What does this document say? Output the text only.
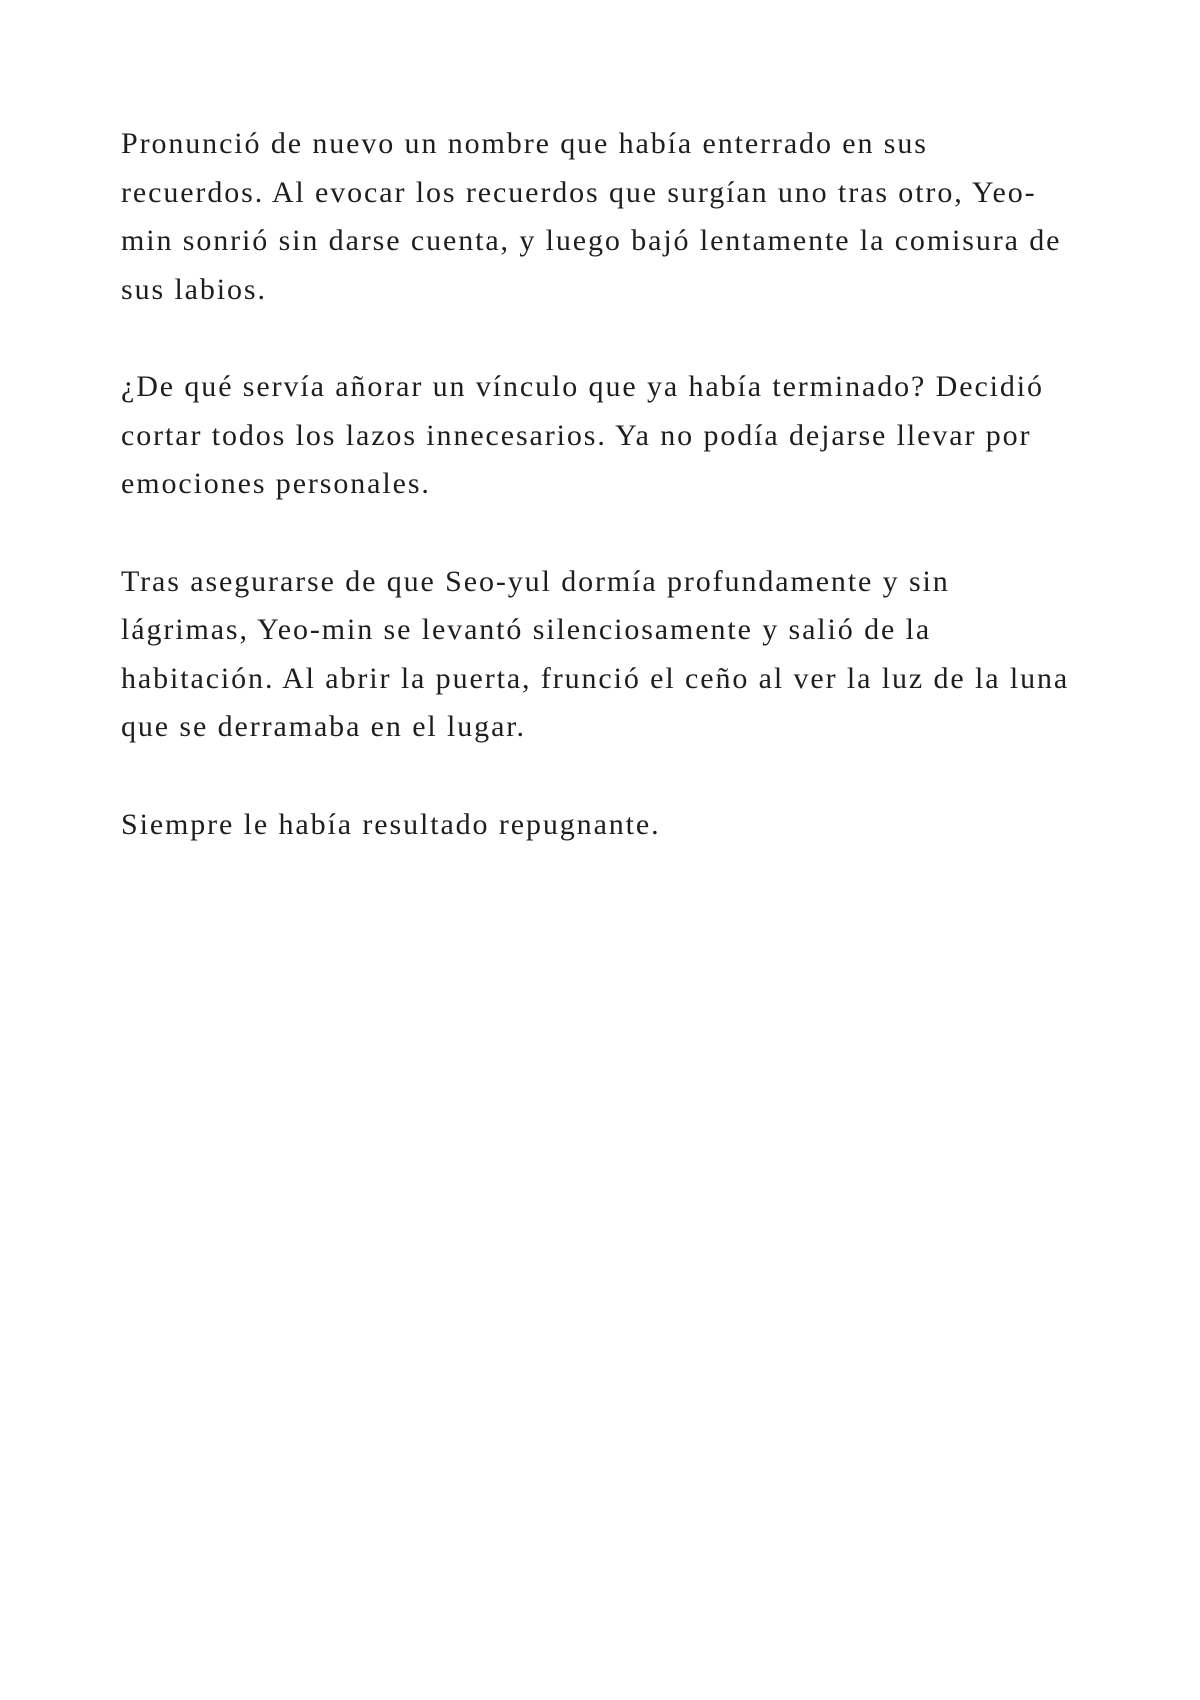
Pronunció de nuevo un nombre que había enterrado en sus
recuerdos. Al evocar los recuerdos que surgían uno tras otro, Yeo-
min sonrió sin darse cuenta, y luego bajó lentamente la comisura de
sus labios.

¿De qué servía añorar un vínculo que ya había terminado? Decidió
cortar todos los lazos innecesarios. Ya no podía dejarse llevar por
emociones personales.

Tras asegurarse de que Seo-yul dormía profundamente y sin
lágrimas, Yeo-min se levantó silenciosamente y salió de la
habitación. Al abrir la puerta, frunció el ceño al ver la luz de la luna
que se derramaba en el lugar.

Siempre le había resultado repugnante.
